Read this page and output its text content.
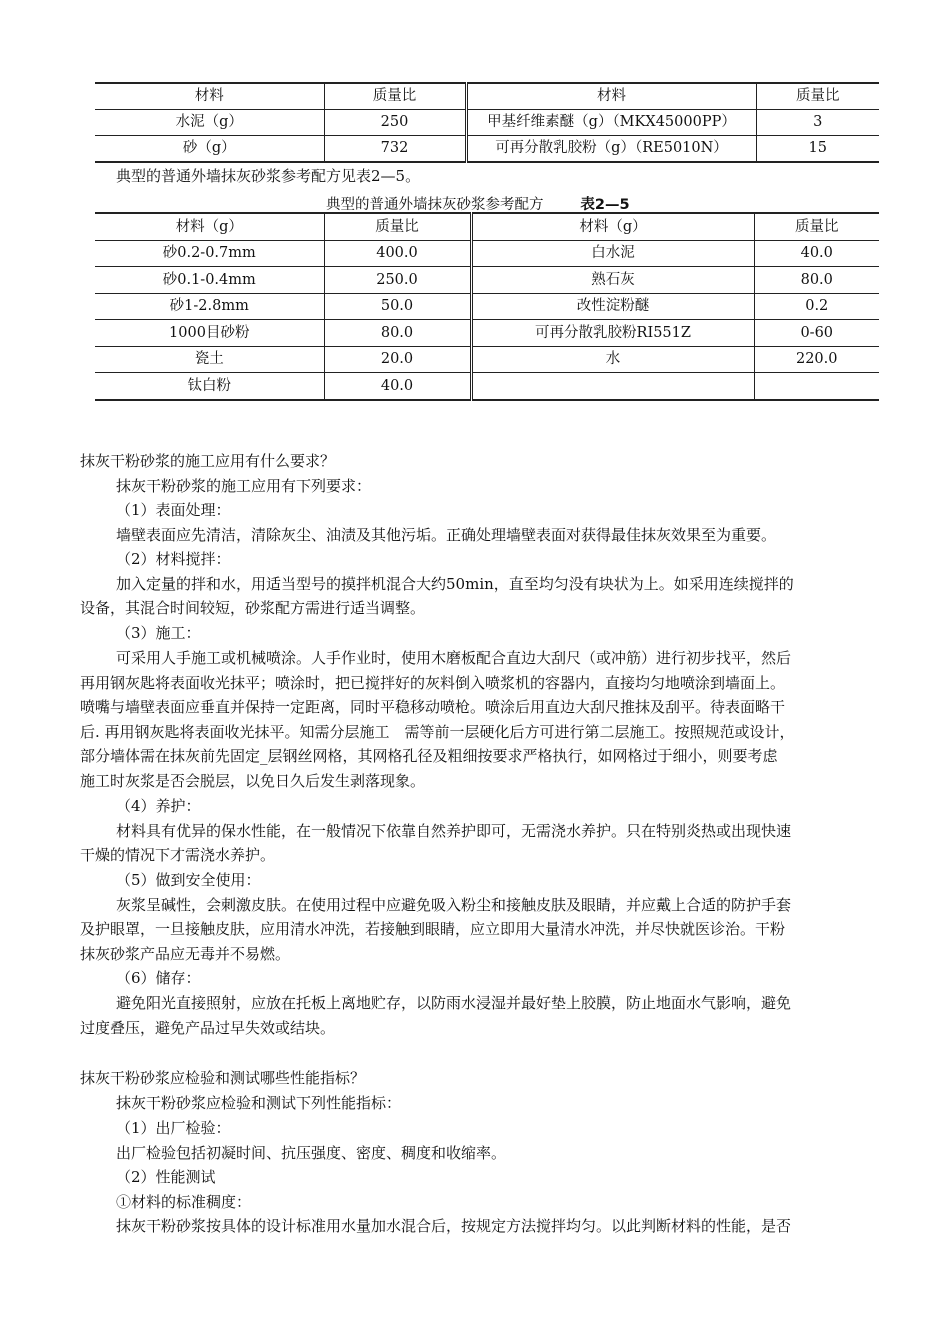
材料	质量比	材料	质量比
水泥（g）	250	甲基纤维素醚（g）（MKX45000PP）	3
砂（g）	732	可再分散乳胶粉（g）（RE5010N）	15
典型的普通外墙抹灰砂浆参考配方见表2—5。
典型的普通外墙抹灰砂浆参考配方	表2—5
材料（g）	质量比	材料（g）	质量比
砂0.2-0.7mm	400.0	白水泥	40.0
砂0.1-0.4mm	250.0	熟石灰	80.0
砂1-2.8mm	50.0	改性淀粉醚	0.2
1000目砂粉	80.0	可再分散乳胶粉RI551Z	0-60
瓷土	20.0	水	220.0
钛白粉	40.0		
抹灰干粉砂浆的施工应用有什么要求？
抹灰干粉砂浆的施工应用有下列要求：
（1）表面处理：
墙壁表面应先清洁，清除灰尘、油渍及其他污垢。正确处理墙壁表面对获得最佳抹灰效果至为重要。
（2）材料搅拌：
加入定量的拌和水，用适当型号的摸拌机混合大约50min，直至均匀没有块状为上。如采用连续搅拌的
设备，其混合时间较短，砂浆配方需进行适当调整。
（3）施工：
可采用人手施工或机械喷涂。人手作业时，使用木磨板配合直边大刮尺（或冲筋）进行初步找平，然后
再用钢灰匙将表面收光抹平；喷涂时，把已搅拌好的灰料倒入喷浆机的容器内，直接均匀地喷涂到墙面上。
喷嘴与墙壁表面应垂直并保持一定距离，同时平稳移动喷枪。喷涂后用直边大刮尺推抹及刮平。待表面略干
后. 再用钢灰匙将表面收光抹平。知需分层施工　需等前一层硬化后方可进行第二层施工。按照规范或设计，
部分墙体需在抹灰前先固定_层钢丝网格，其网格孔径及粗细按要求严格执行，如网格过于细小，则要考虑
施工时灰浆是否会脱层，以免日久后发生剥落现象。
（4）养护：
材料具有优异的保水性能，在一般情况下依靠自然养护即可，无需浇水养护。只在特别炎热或出现快速
干燥的情况下才需浇水养护。
（5）做到安全使用：
灰浆呈碱性，会刺激皮肤。在使用过程中应避免吸入粉尘和接触皮肤及眼睛，并应戴上合适的防护手套
及护眼罩，一旦接触皮肤，应用清水冲洗，若接触到眼睛，应立即用大量清水冲洗，并尽快就医诊治。干粉
抹灰砂浆产品应无毒并不易燃。
（6）储存：
避免阳光直接照射，应放在托板上离地贮存，以防雨水浸湿并最好垫上胶膜，防止地面水气影响，避免
过度叠压，避免产品过早失效或结块。
抹灰干粉砂浆应检验和测试哪些性能指标？
抹灰干粉砂浆应检验和测试下列性能指标：
（1）出厂检验：
出厂检验包括初凝时间、抗压强度、密度、稠度和收缩率。
（2）性能测试
①材料的标准稠度：
抹灰干粉砂浆按具体的设计标准用水量加水混合后，按规定方法搅拌均匀。以此判断材料的性能，是否
